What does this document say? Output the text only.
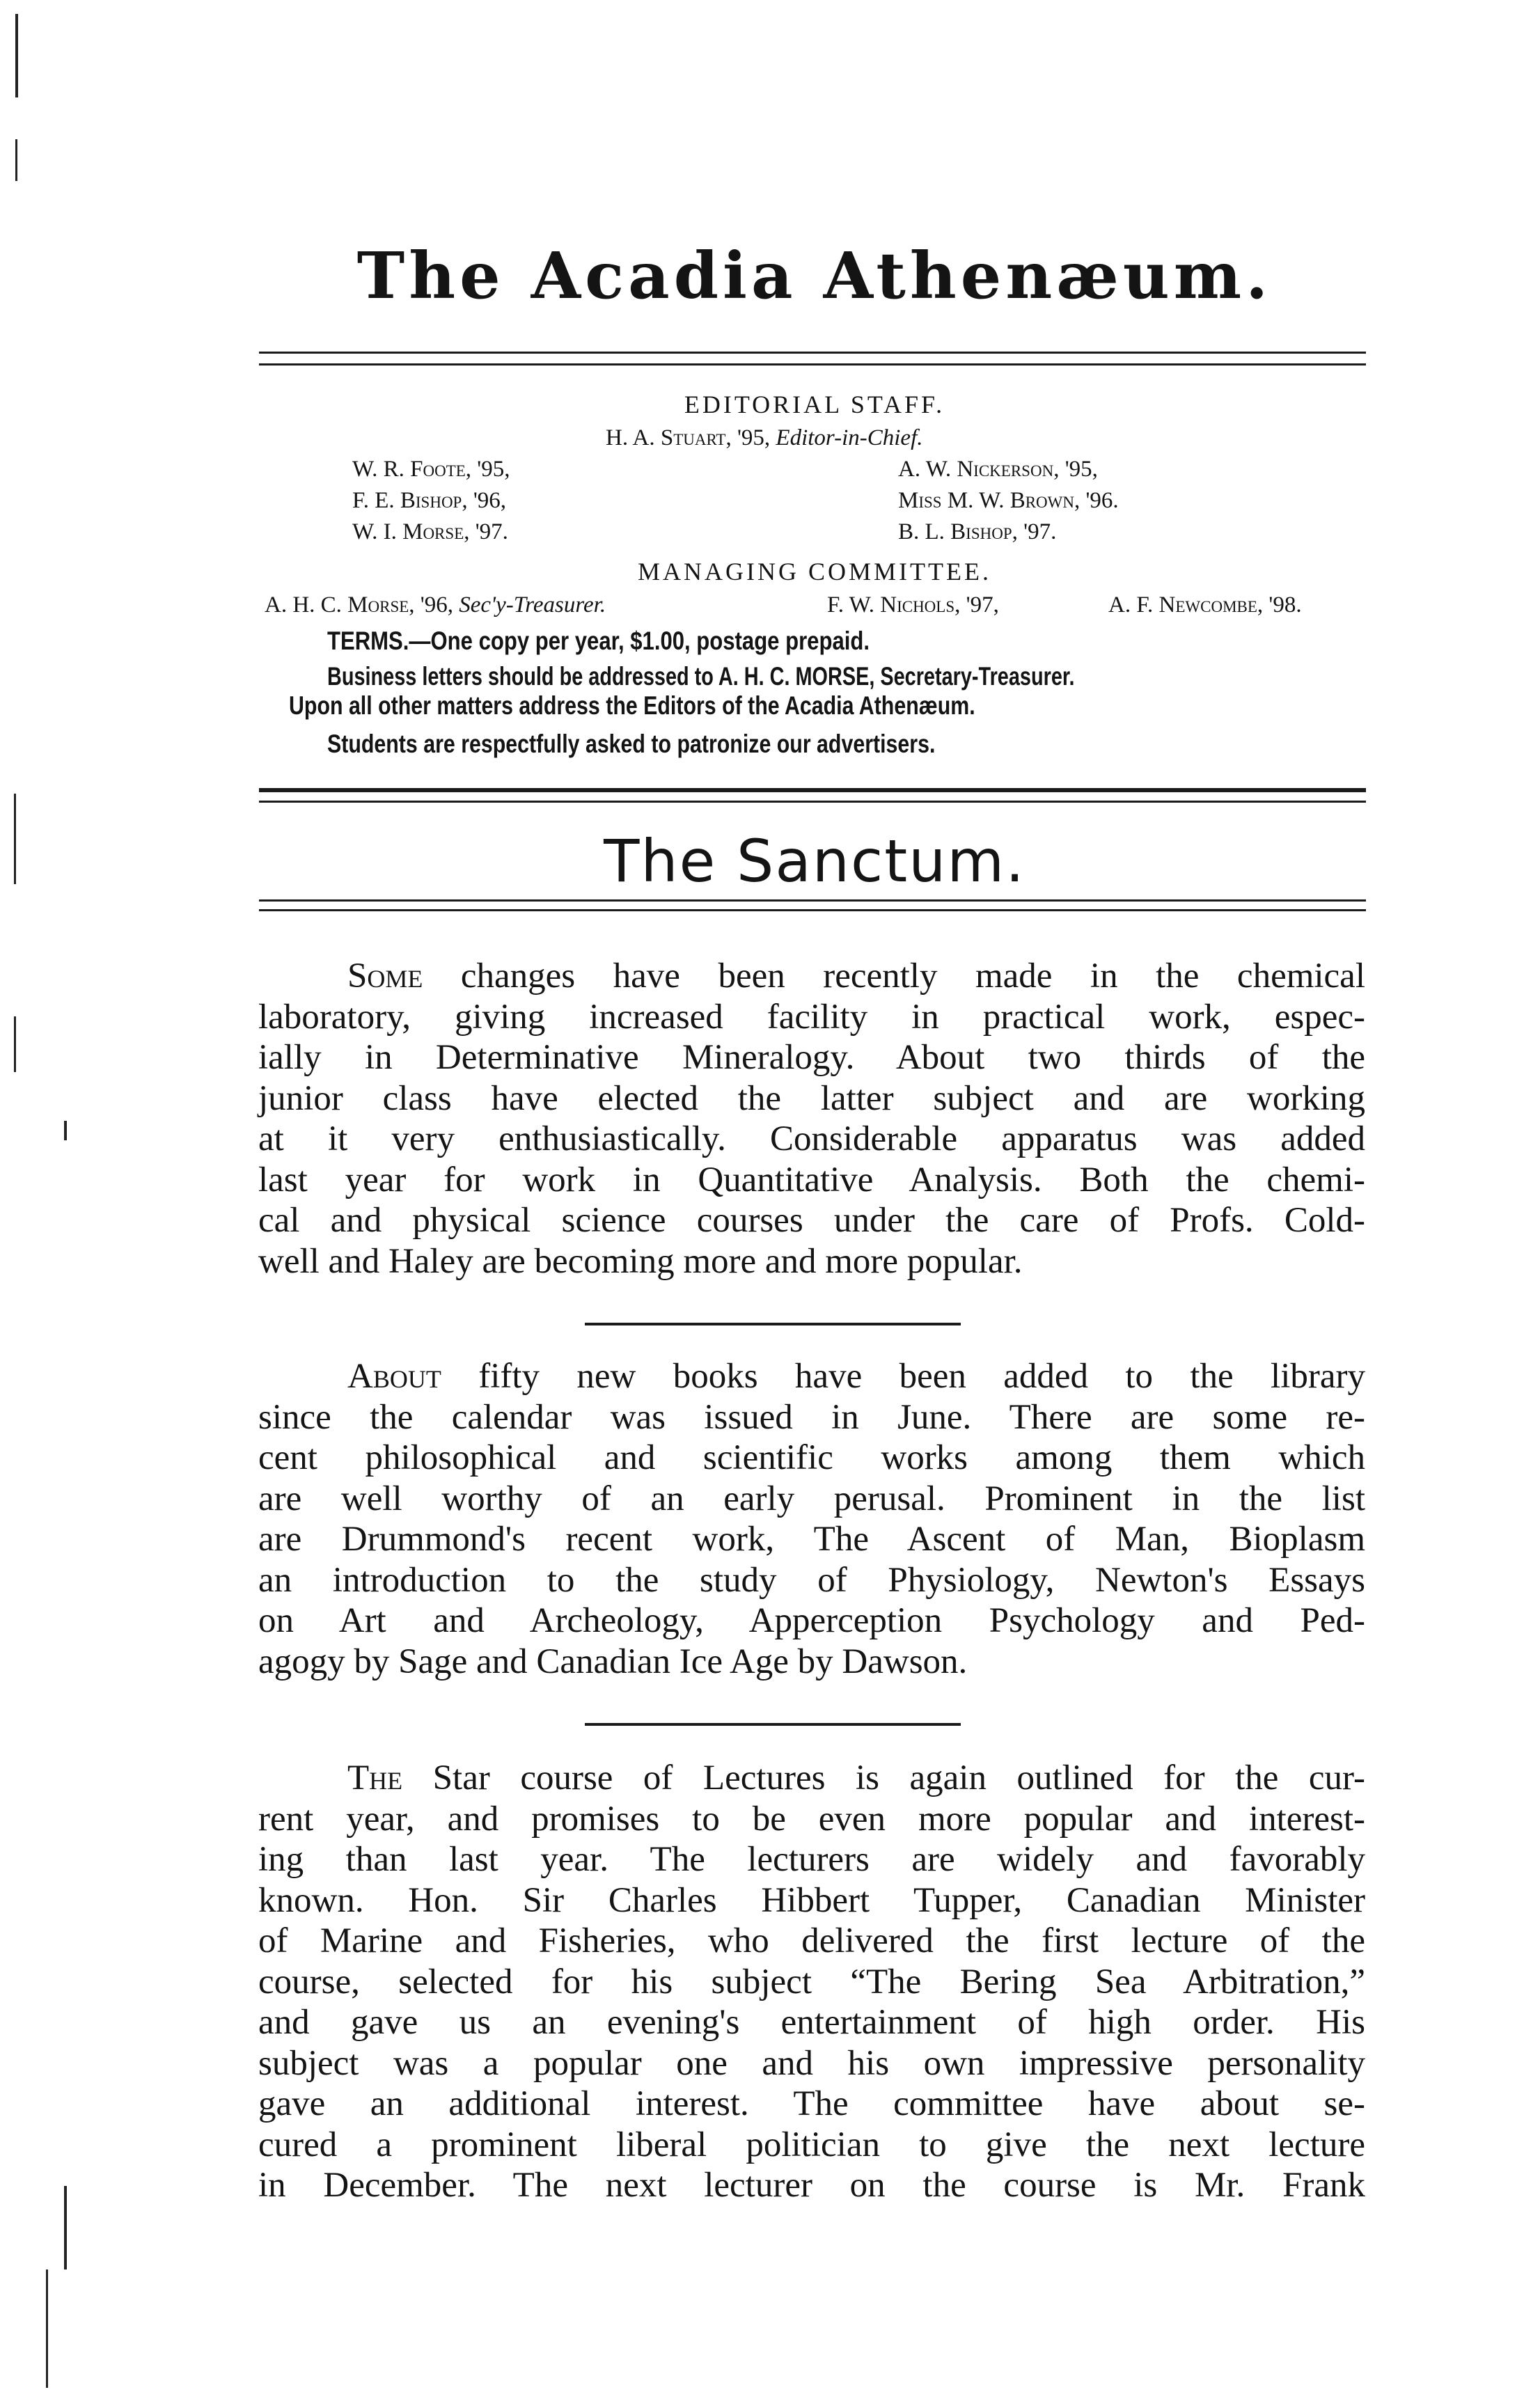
The Acadia Athenæum.
EDITORIAL STAFF.
H. A. Stuart, '95, Editor-in-Chief.
W. R. Foote, '95,
F. E. Bishop, '96,
W. I. Morse, '97.
A. W. Nickerson, '95,
Miss M. W. Brown, '96.
B. L. Bishop, '97.
MANAGING COMMITTEE.
A. H. C. Morse, '96, Sec'y-Treasurer.	F. W. Nichols, '97,	A. F. Newcombe, '98.
TERMS.—One copy per year, $1.00, postage prepaid.
Business letters should be addressed to A. H. C. MORSE, Secretary-Treasurer.
Upon all other matters address the Editors of the Acadia Athenæum.
Students are respectfully asked to patronize our advertisers.
The Sanctum.
Some changes have been recently made in the chemical
laboratory, giving increased facility in practical work, espec-
ially in Determinative Mineralogy. About two thirds of the
junior class have elected the latter subject and are working
at it very enthusiastically. Considerable apparatus was added
last year for work in Quantitative Analysis. Both the chemi-
cal and physical science courses under the care of Profs. Cold-
well and Haley are becoming more and more popular.
About fifty new books have been added to the library
since the calendar was issued in June. There are some re-
cent philosophical and scientific works among them which
are well worthy of an early perusal. Prominent in the list
are Drummond's recent work, The Ascent of Man, Bioplasm
an introduction to the study of Physiology, Newton's Essays
on Art and Archeology, Apperception Psychology and Ped-
agogy by Sage and Canadian Ice Age by Dawson.
The Star course of Lectures is again outlined for the cur-
rent year, and promises to be even more popular and interest-
ing than last year. The lecturers are widely and favorably
known. Hon. Sir Charles Hibbert Tupper, Canadian Minister
of Marine and Fisheries, who delivered the first lecture of the
course, selected for his subject “The Bering Sea Arbitration,”
and gave us an evening's entertainment of high order. His
subject was a popular one and his own impressive personality
gave an additional interest. The committee have about se-
cured a prominent liberal politician to give the next lecture
in December. The next lecturer on the course is Mr. Frank
